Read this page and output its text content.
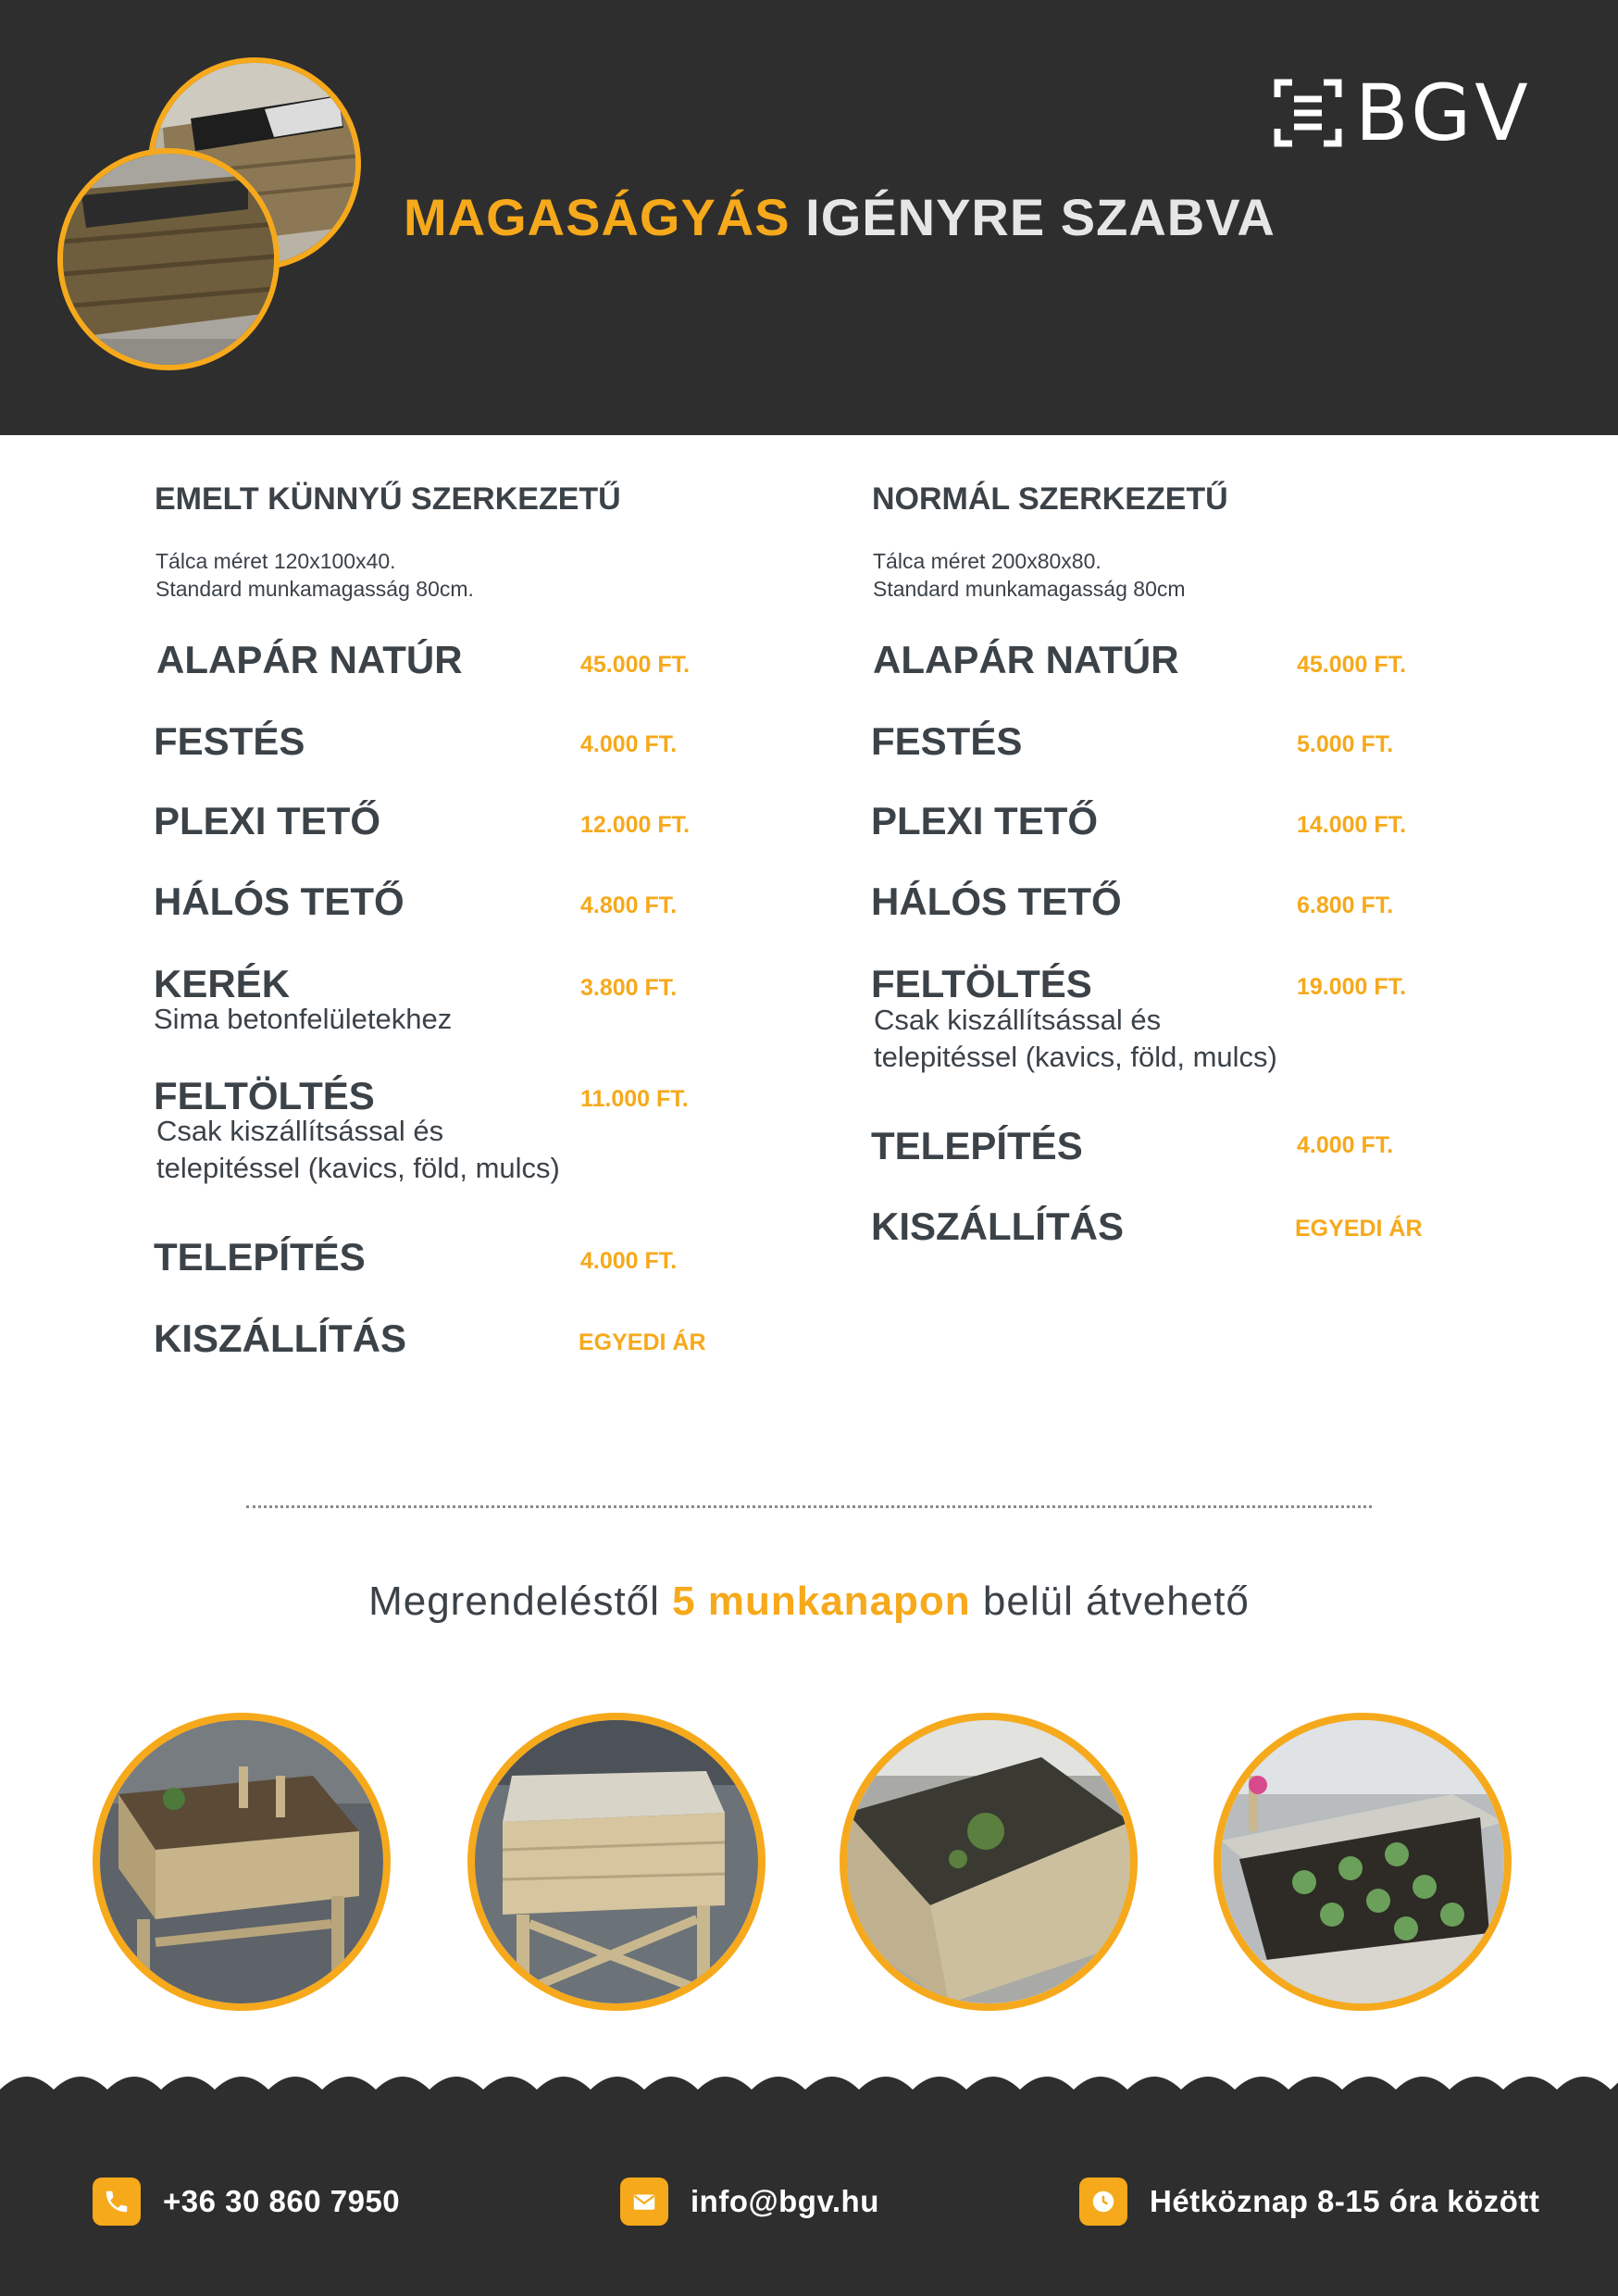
MAGASÁGYÁS IGÉNYRE SZABVA
BGV
EMELT KÜNNYŰ SZERKEZETŰ
Tálca méret 120x100x40.
Standard munkamagasság 80cm.
ALAPÁR NATÚR	45.000 FT.
FESTÉS	4.000 FT.
PLEXI TETŐ	12.000 FT.
HÁLÓS TETŐ	4.800 FT.
KERÉK	3.800 FT.
Sima betonfelületekhez
FELTÖLTÉS	11.000 FT.
Csak kiszállítsással és
telepitéssel (kavics, föld, mulcs)
TELEPÍTÉS	4.000 FT.
KISZÁLLÍTÁS	EGYEDI ÁR
NORMÁL SZERKEZETŰ
Tálca méret 200x80x80.
Standard munkamagasság 80cm
ALAPÁR NATÚR	45.000 FT.
FESTÉS	5.000 FT.
PLEXI TETŐ	14.000 FT.
HÁLÓS TETŐ	6.800 FT.
FELTÖLTÉS	19.000 FT.
Csak kiszállítsással és
telepitéssel (kavics, föld, mulcs)
TELEPÍTÉS	4.000 FT.
KISZÁLLÍTÁS	EGYEDI ÁR
Megrendeléstől 5 munkanapon belül átvehető
+36 30 860 7950	info@bgv.hu	Hétköznap 8-15 óra között
